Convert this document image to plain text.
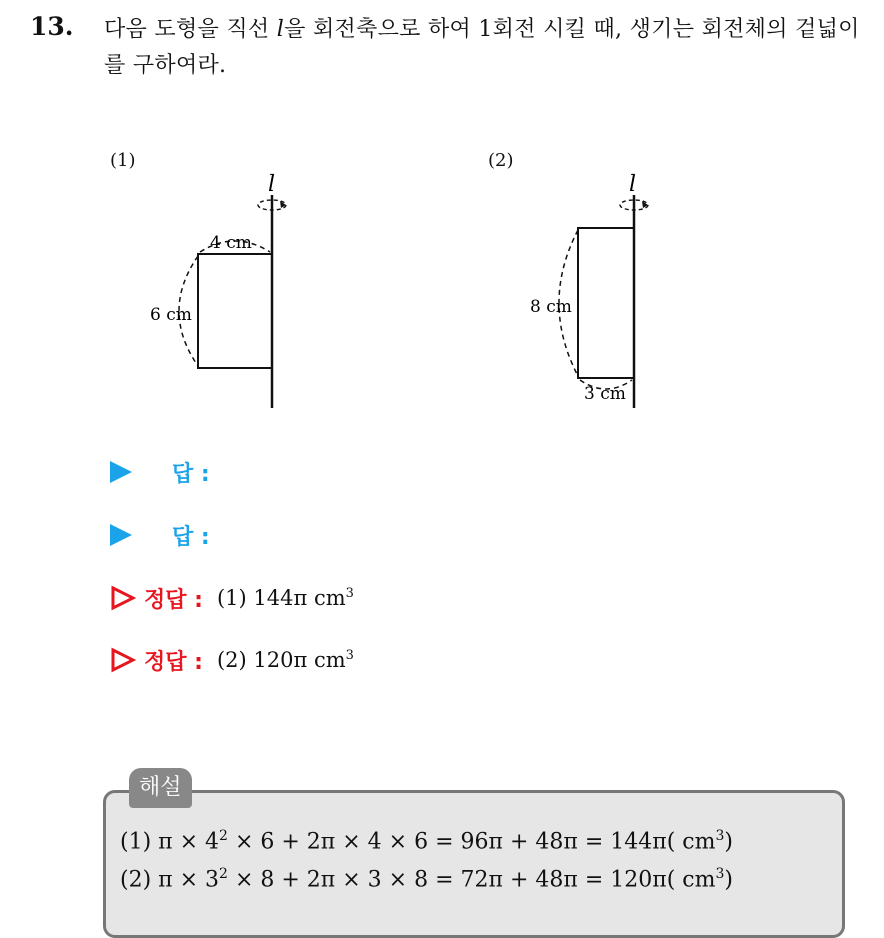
13. 다음 도형을 직선 l을 회전축으로 하여 1회전 시킬 때, 생기는 회전체의 겉넓이를 구하여라.
(1)
l
4 cm
6 cm
(2)
l
8 cm
3 cm
답 :
답 :
정답 : (1) 144π $cm^3$
정답 : (2) 120π $cm^3$
해설
(1) $\pi \times 4^2 \times 6 + 2\pi \times 4 \times 6 = 96\pi + 48\pi = 144\pi$( $cm^3$)
(2) $\pi \times 3^2 \times 8 + 2\pi \times 3 \times 8 = 72\pi + 48\pi = 120\pi$( $cm^3$)
